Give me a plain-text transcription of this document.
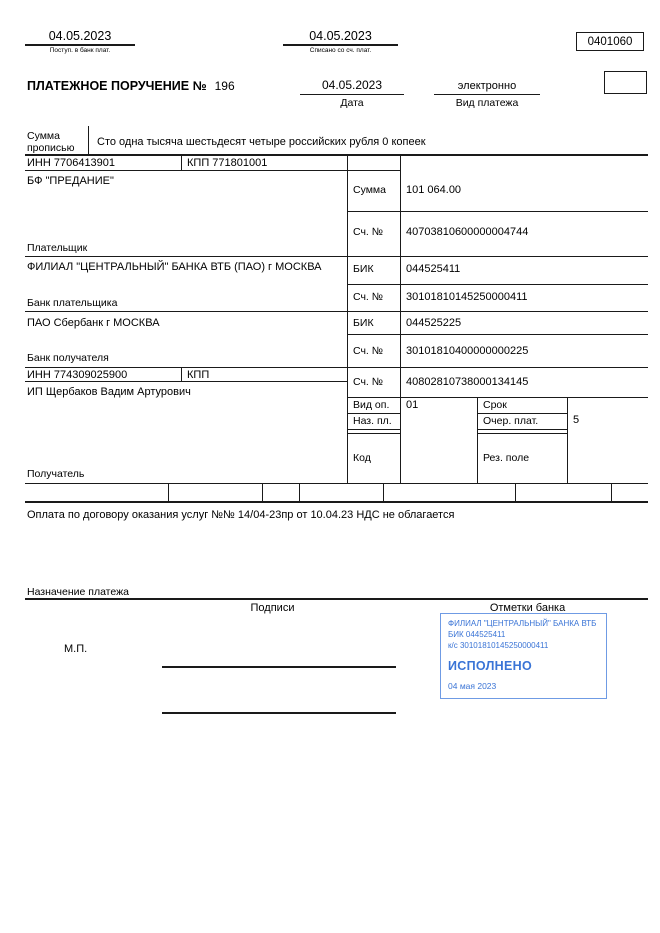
04.05.2023
Поступ. в банк плат.
04.05.2023
Списано со сч. плат.
0401060
ПЛАТЕЖНОЕ ПОРУЧЕНИЕ № 196	04.05.2023
Дата
электронно
Вид платежа
Сумма
прописью Сто одна тысяча шестьдесят четыре российских рубля 0 копеек
ИНН 7706413901	КПП 771801001
БФ "ПРЕДАНИЕ"
Плательщик
Сумма 101 064.00
Сч. № 40703810600000004744
ФИЛИАЛ "ЦЕНТРАЛЬНЫЙ" БАНКА ВТБ (ПАО) г МОСКВА
Банк плательщика
БИК	044525411
Сч. № 30101810145250000411
ПАО Сбербанк г МОСКВА
Банк получателя
БИК	044525225
Сч. № 30101810400000000225
ИНН 774309025900	КПП
ИП Щербаков Вадим Артурович
Получатель
Сч. № 40802810738000134145
Вид оп. 01
Наз. пл.
Код
Срок
Очер. плат.	5
Рез. поле
Оплата по договору оказания услуг №№ 14/04-23пр от 10.04.23 НДС не облагается
Назначение платежа
Подписи	Отметки банка
М.П.
ФИЛИАЛ "ЦЕНТРАЛЬНЫЙ" БАНКА ВТБ
БИК 044525411
к/с 30101810145250000411
ИСПОЛНЕНО
04 мая 2023
